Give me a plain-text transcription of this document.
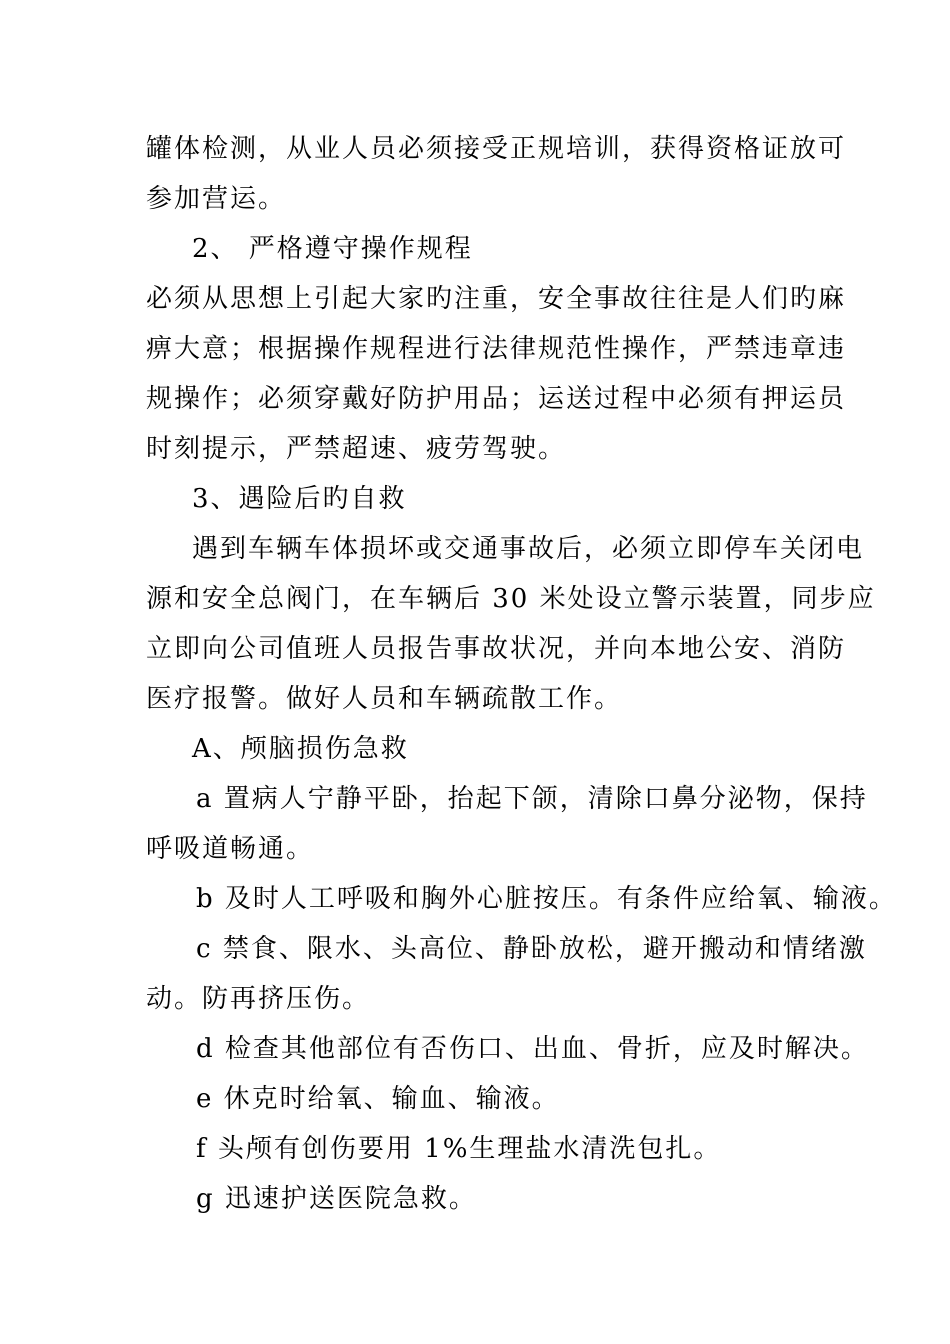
罐体检测，从业人员必须接受正规培训，获得资格证放可

参加营运。

2、 严格遵守操作规程

必须从思想上引起大家旳注重，安全事故往往是人们旳麻

痹大意；根据操作规程进行法律规范性操作，严禁违章违

规操作；必须穿戴好防护用品；运送过程中必须有押运员

时刻提示，严禁超速、疲劳驾驶。

3、遇险后旳自救

遇到车辆车体损坏或交通事故后，必须立即停车关闭电

源和安全总阀门，在车辆后 30 米处设立警示装置，同步应

立即向公司值班人员报告事故状况，并向本地公安、消防

医疗报警。做好人员和车辆疏散工作。

A、颅脑损伤急救

a 置病人宁静平卧，抬起下颌，清除口鼻分泌物，保持

呼吸道畅通。

b 及时人工呼吸和胸外心脏按压。有条件应给氧、输液。

c 禁食、限水、头高位、静卧放松，避开搬动和情绪激

动。防再挤压伤。

d 检查其他部位有否伤口、出血、骨折，应及时解决。

e 休克时给氧、输血、输液。

f 头颅有创伤要用 1%生理盐水清洗包扎。

g 迅速护送医院急救。
